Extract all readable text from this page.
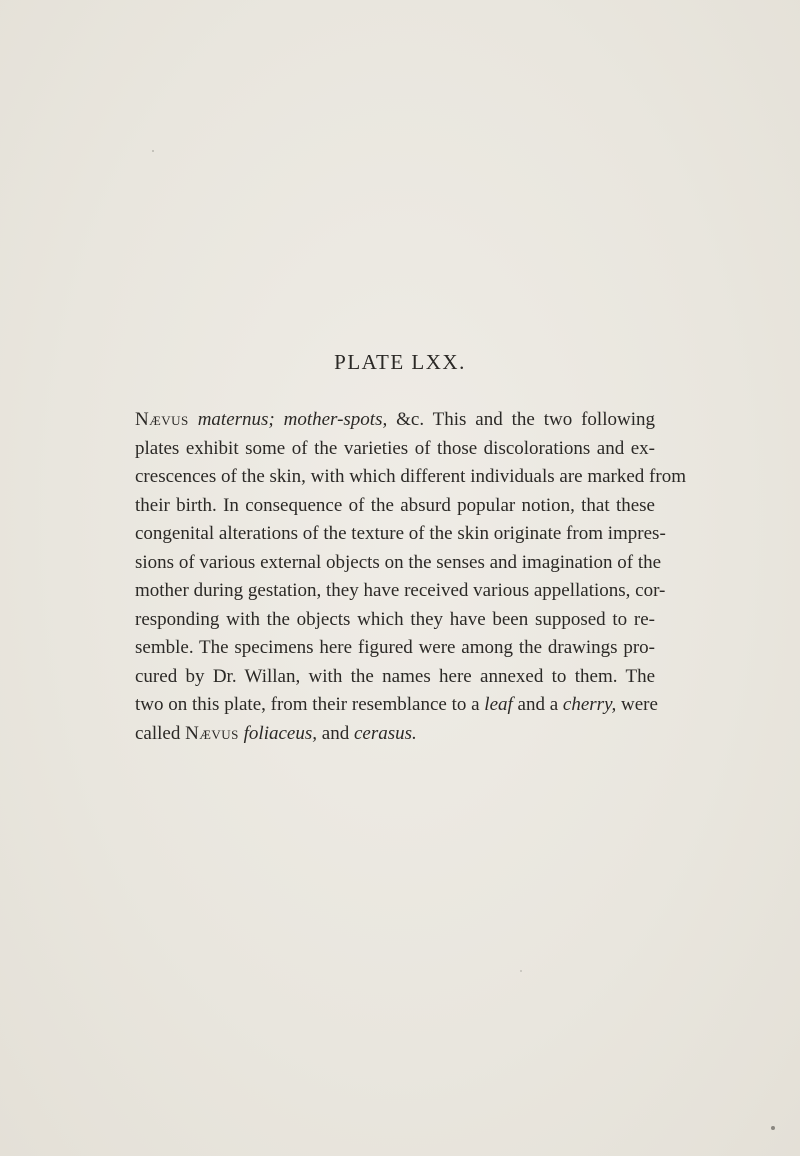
PLATE LXX.

Nævus maternus; mother-spots, &c. This and the two following
plates exhibit some of the varieties of those discolorations and ex-
crescences of the skin, with which different individuals are marked from
their birth. In consequence of the absurd popular notion, that these
congenital alterations of the texture of the skin originate from impres-
sions of various external objects on the senses and imagination of the
mother during gestation, they have received various appellations, cor-
responding with the objects which they have been supposed to re-
semble. The specimens here figured were among the drawings pro-
cured by Dr. Willan, with the names here annexed to them. The
two on this plate, from their resemblance to a leaf and a cherry, were
called Nævus foliaceus, and cerasus.
